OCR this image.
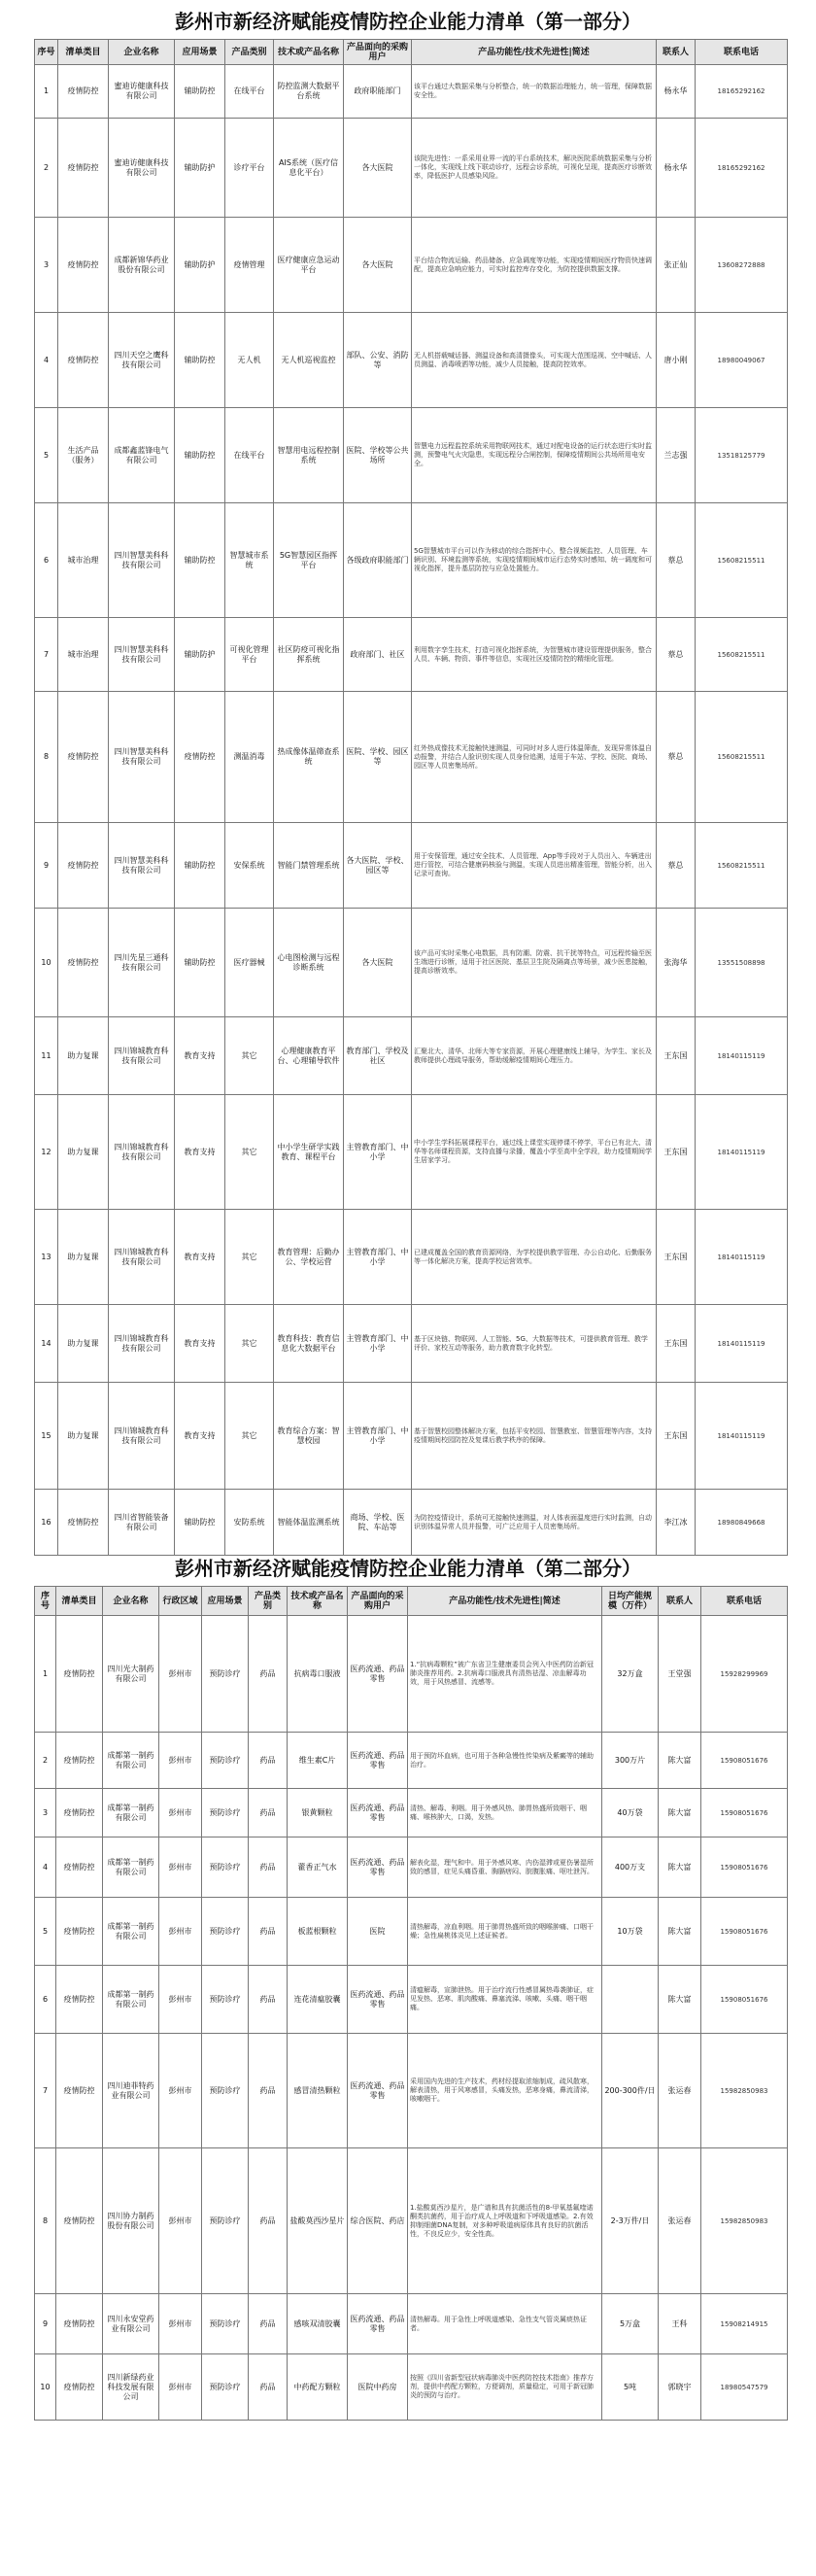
彭州市新经济赋能疫情防控企业能力清单（第一部分）
序号	清单类目	企业名称	应用场景	产品类别	技术或产品名称	产品面向的采购用户	产品功能性/技术先进性|简述	联系人	联系电话
1	疫情防控	蜜迪访健康科技有限公司	辅助防控	在线平台	防控监测大数据平台系统	政府职能部门	该平台通过大数据采集与分析整合，统一的数据治理能力，统一管理，保障数据安全性。	杨永华	18165292162
2	疫情防控	蜜迪访健康科技有限公司	辅助防护	诊疗平台	AIS系统（医疗信息化平台）	各大医院	该院先进性：一系采用业界一流的平台系统技术，解决医院系统数据采集与分析一体化，实现线上线下联动诊疗，远程会诊系统，可视化呈现，提高医疗诊断效率，降低医护人员感染风险。	杨永华	18165292162
3	疫情防控	成都新锦华药业股份有限公司	辅助防护	疫情管理	医疗健康应急运动平台	各大医院	平台结合物流运输、药品储备、应急调度等功能，实现疫情期间医疗物资快速调配，提高应急响应能力，可实时监控库存变化，为防控提供数据支撑。	张正仙	13608272888
4	疫情防控	四川天空之鹰科技有限公司	辅助防控	无人机	无人机巡视监控	部队、公安、消防等	无人机搭载喊话器、测温设备和高清摄像头，可实现大范围巡视、空中喊话、人员测温、消毒喷洒等功能，减少人员接触，提高防控效率。	唐小刚	18980049067
5	生活产品（服务）	成都鑫蓝锋电气有限公司	辅助防控	在线平台	智慧用电远程控制系统	医院、学校等公共场所	智慧电力远程监控系统采用物联网技术，通过对配电设备的运行状态进行实时监测，预警电气火灾隐患，实现远程分合闸控制，保障疫情期间公共场所用电安全。	兰志强	13518125779
6	城市治理	四川智慧美科科技有限公司	辅助防控	智慧城市系统	5G智慧园区指挥平台	各级政府职能部门	5G智慧城市平台可以作为移动的综合指挥中心，整合视频监控、人员管理、车辆识别、环境监测等系统，实现疫情期间城市运行态势实时感知、统一调度和可视化指挥，提升基层防控与应急处置能力。	蔡总	15608215511
7	城市治理	四川智慧美科科技有限公司	辅助防护	可视化管理平台	社区防疫可视化指挥系统	政府部门、社区	利用数字孪生技术，打造可视化指挥系统，为智慧城市建设管理提供服务，整合人员、车辆、物资、事件等信息，实现社区疫情防控的精细化管理。	蔡总	15608215511
8	疫情防控	四川智慧美科科技有限公司	疫情防控	测温消毒	热成像体温筛查系统	医院、学校、园区等	红外热成像技术无接触快速测温，可同时对多人进行体温筛查，发现异常体温自动报警，并结合人脸识别实现人员身份追溯，适用于车站、学校、医院、商场、园区等人员密集场所。	蔡总	15608215511
9	疫情防控	四川智慧美科科技有限公司	辅助防控	安保系统	智能门禁管理系统	各大医院、学校、园区等	用于安保管理，通过安全技术、人员管理、App等手段对于人员出入、车辆进出进行管控，可结合健康码核验与测温，实现人员进出精准管理，智能分析，出入记录可查询。	蔡总	15608215511
10	疫情防控	四川先星三通科技有限公司	辅助防控	医疗器械	心电图检测与远程诊断系统	各大医院	该产品可实时采集心电数据，具有防潮、防震、抗干扰等特点，可远程传输至医生端进行诊断，适用于社区医院、基层卫生院及隔离点等场景，减少医患接触，提高诊断效率。	张海华	13551508898
11	助力复课	四川锦城教育科技有限公司	教育支持	其它	心理健康教育平台、心理辅导软件	教育部门、学校及社区	汇聚北大、清华、北师大等专家资源，开展心理健康线上辅导，为学生、家长及教师提供心理疏导服务，帮助缓解疫情期间心理压力。	王东国	18140115119
12	助力复课	四川锦城教育科技有限公司	教育支持	其它	中小学生研学实践教育、课程平台	主管教育部门、中小学	中小学生学科拓展课程平台，通过线上课堂实现停课不停学，平台已有北大、清华等名师课程资源，支持直播与录播，覆盖小学至高中全学段，助力疫情期间学生居家学习。	王东国	18140115119
13	助力复课	四川锦城教育科技有限公司	教育支持	其它	教育管理：后勤办公、学校运营	主管教育部门、中小学	已建成覆盖全国的教育资源网络，为学校提供教学管理、办公自动化、后勤服务等一体化解决方案，提高学校运营效率。	王东国	18140115119
14	助力复课	四川锦城教育科技有限公司	教育支持	其它	教育科技：教育信息化大数据平台	主管教育部门、中小学	基于区块链、物联网、人工智能、5G、大数据等技术，可提供教育管理、教学评价、家校互动等服务，助力教育数字化转型。	王东国	18140115119
15	助力复课	四川锦城教育科技有限公司	教育支持	其它	教育综合方案：智慧校园	主管教育部门、中小学	基于智慧校园整体解决方案，包括平安校园、智慧教室、智慧管理等内容，支持疫情期间校园防控及复课后教学秩序的保障。	王东国	18140115119
16	疫情防控	四川省智能装备有限公司	辅助防控	安防系统	智能体温监测系统	商场、学校、医院、车站等	为防控疫情设计，系统可无接触快速测温，对人体表面温度进行实时监测，自动识别体温异常人员并报警，可广泛应用于人员密集场所。	李江冰	18980849668
彭州市新经济赋能疫情防控企业能力清单（第二部分）
序号	清单类目	企业名称	行政区域	应用场景	产品类别	技术或产品名称	产品面向的采购用户	产品功能性/技术先进性|简述	日均产能规模（万件）	联系人	联系电话
1	疫情防控	四川光大制药有限公司	彭州市	预防诊疗	药品	抗病毒口服液	医药流通、药品零售	1.“抗病毒颗粒”被广东省卫生健康委员会列入中医药防治新冠肺炎推荐用药。2.抗病毒口服液具有清热祛湿、凉血解毒功效，用于风热感冒、流感等。	32万盒	王堂强	15928299969
2	疫情防控	成都第一制药有限公司	彭州市	预防诊疗	药品	维生素C片	医药流通、药品零售	用于预防坏血病，也可用于各种急慢性传染病及紫癜等的辅助治疗。	300万片	陈大富	15908051676
3	疫情防控	成都第一制药有限公司	彭州市	预防诊疗	药品	银黄颗粒	医药流通、药品零售	清热、解毒、利咽。用于外感风热、肺胃热盛所致咽干、咽痛、喉核肿大，口渴，发热。	40万袋	陈大富	15908051676
4	疫情防控	成都第一制药有限公司	彭州市	预防诊疗	药品	藿香正气水	医药流通、药品零售	解表化湿，理气和中。用于外感风寒、内伤湿滞或夏伤暑湿所致的感冒，症见头痛昏重、胸膈痞闷、脘腹胀痛、呕吐泄泻。	400万支	陈大富	15908051676
5	疫情防控	成都第一制药有限公司	彭州市	预防诊疗	药品	板蓝根颗粒	医院	清热解毒，凉血利咽。用于肺胃热盛所致的咽喉肿痛、口咽干燥；急性扁桃体炎见上述证候者。	10万袋	陈大富	15908051676
6	疫情防控	成都第一制药有限公司	彭州市	预防诊疗	药品	连花清瘟胶囊	医药流通、药品零售	清瘟解毒，宣肺泄热。用于治疗流行性感冒属热毒袭肺证，症见发热、恶寒、肌肉酸痛、鼻塞流涕、咳嗽、头痛、咽干咽痛。		陈大富	15908051676
7	疫情防控	四川迪菲特药业有限公司	彭州市	预防诊疗	药品	感冒清热颗粒	医药流通、药品零售	采用国内先进的生产技术，药材经提取浓缩制成，疏风散寒，解表清热，用于风寒感冒，头痛发热，恶寒身痛，鼻流清涕，咳嗽咽干。	200-300件/日	张运春	15982850983
8	疫情防控	四川协力制药股份有限公司	彭州市	预防诊疗	药品	盐酸莫西沙星片	综合医院、药店	1.盐酸莫西沙星片，是广谱和具有抗菌活性的8-甲氧基氟喹诺酮类抗菌药，用于治疗成人上呼吸道和下呼吸道感染。2.有效抑制细菌DNA复制，对多种呼吸道病原体具有良好的抗菌活性，不良反应少，安全性高。	2-3万件/日	张运春	15982850983
9	疫情防控	四川永安堂药业有限公司	彭州市	预防诊疗	药品	感咳双清胶囊	医药流通、药品零售	清热解毒。用于急性上呼吸道感染、急性支气管炎属痰热证者。	5万盒	王科	15908214915
10	疫情防控	四川新绿药业科技发展有限公司	彭州市	预防诊疗	药品	中药配方颗粒	医院中药房	按照《四川省新型冠状病毒肺炎中医药防控技术指南》推荐方剂，提供中药配方颗粒，方便调剂，质量稳定，可用于新冠肺炎的预防与治疗。	5吨	郭晓宇	18980547579
